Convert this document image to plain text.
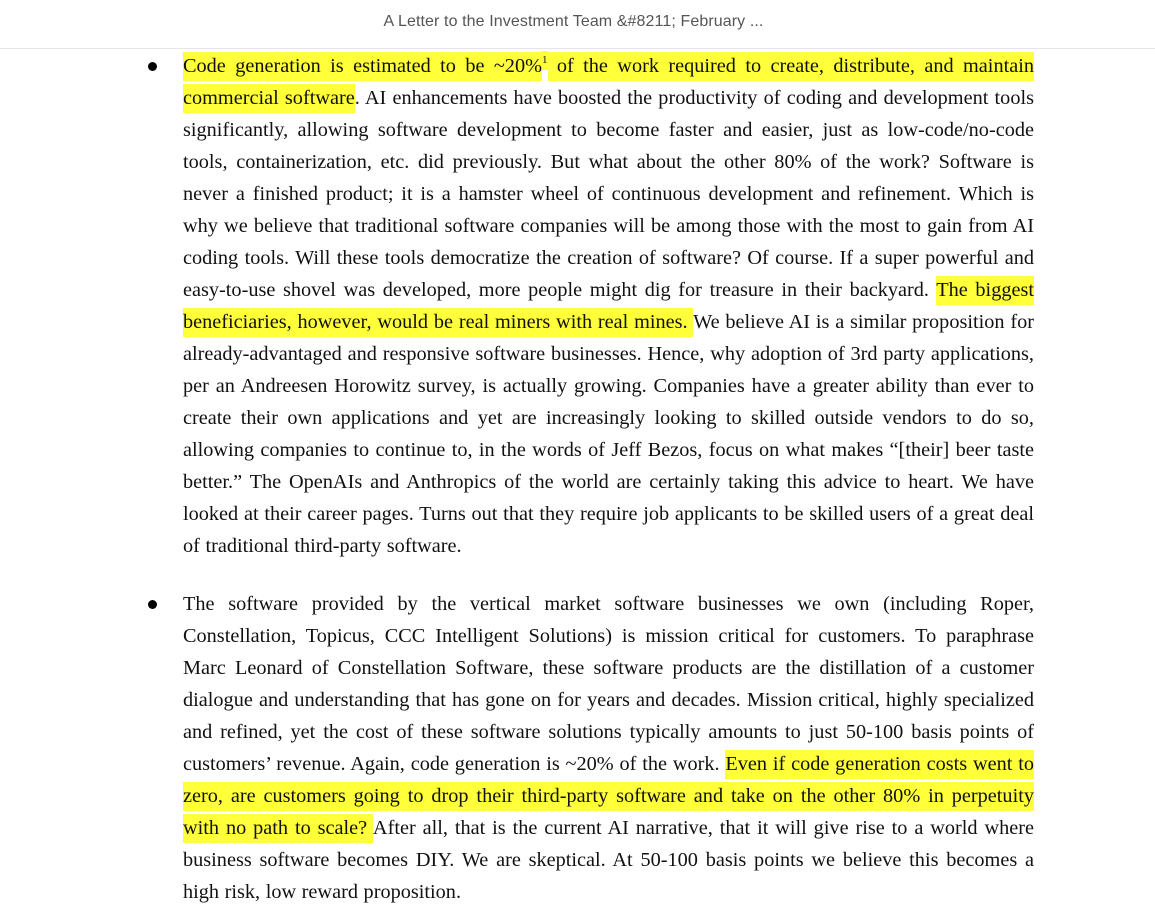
A Letter to the Investment Team &#8211; February ...

Code generation is estimated to be ~20%$^1$ of the work required to create, distribute, and maintain commercial software. AI enhancements have boosted the productivity of coding and development tools significantly, allowing software development to become faster and easier, just as low-code/no-code tools, containerization, etc. did previously. But what about the other 80% of the work? Software is never a finished product; it is a hamster wheel of continuous development and refinement. Which is why we believe that traditional software companies will be among those with the most to gain from AI coding tools. Will these tools democratize the creation of software? Of course. If a super powerful and easy-to-use shovel was developed, more people might dig for treasure in their backyard. The biggest beneficiaries, however, would be real miners with real mines. We believe AI is a similar proposition for already-advantaged and responsive software businesses. Hence, why adoption of 3rd party applications, per an Andreesen Horowitz survey, is actually growing. Companies have a greater ability than ever to create their own applications and yet are increasingly looking to skilled outside vendors to do so, allowing companies to continue to, in the words of Jeff Bezos, focus on what makes “[their] beer taste better.” The OpenAIs and Anthropics of the world are certainly taking this advice to heart. We have looked at their career pages. Turns out that they require job applicants to be skilled users of a great deal of traditional third-party software.

The software provided by the vertical market software businesses we own (including Roper, Constellation, Topicus, CCC Intelligent Solutions) is mission critical for customers. To paraphrase Marc Leonard of Constellation Software, these software products are the distillation of a customer dialogue and understanding that has gone on for years and decades. Mission critical, highly specialized and refined, yet the cost of these software solutions typically amounts to just 50-100 basis points of customers’ revenue. Again, code generation is ~20% of the work. Even if code generation costs went to zero, are customers going to drop their third-party software and take on the other 80% in perpetuity with no path to scale? After all, that is the current AI narrative, that it will give rise to a world where business software becomes DIY. We are skeptical. At 50-100 basis points we believe this becomes a high risk, low reward proposition.
